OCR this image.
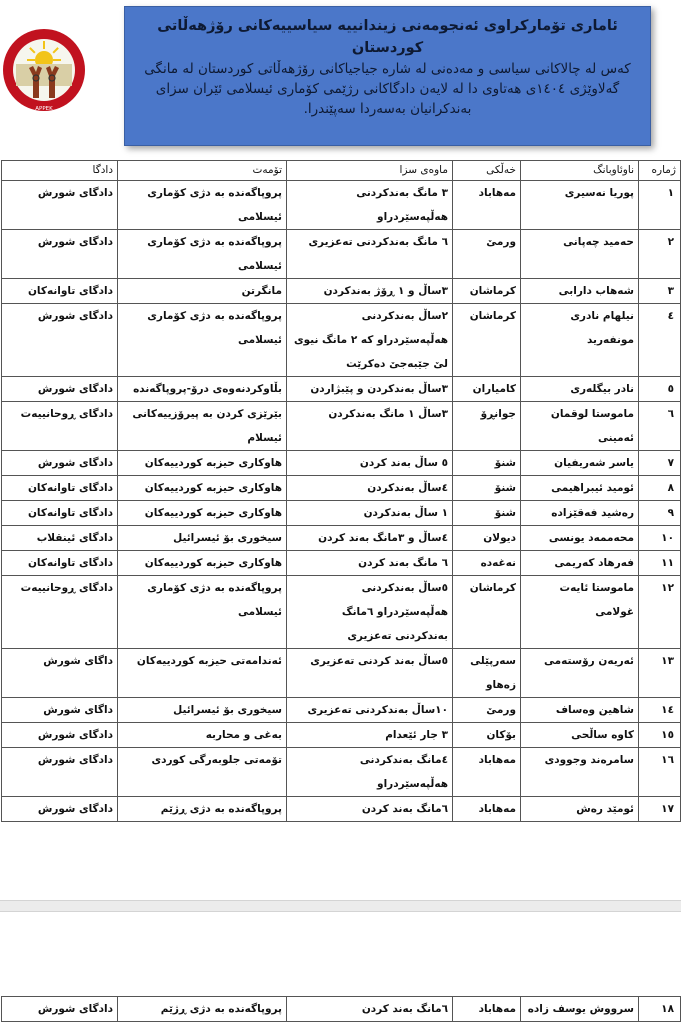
APPEK
ئاماری تۆمارکراوی ئەنجومەنی زیندانییە سیاسییەکانی رۆژهەڵاتی کوردستان
کەس لە چالاکانی سیاسی و مەدەنی لە شارە جیاجیاکانی رۆژهەڵاتی کوردستان لە مانگی گەلاوێژی ١٤٠٤ی هەتاوی دا لە لایەن دادگاکانی رژێمی کۆماری ئیسلامی ئێران سزای بەندکرانیان بەسەردا سەپێندرا.
ژمارە	ناوئاوبانگ	خەڵکی	ماوەی سزا	تۆمەت	دادگا
١	پوریا نەسیری	مەهاباد	٣ مانگ بەندکردنی هەڵپەسێردراو	پروپاگەندە بە دژی کۆماری ئیسلامی	دادگای شورش
٢	حەمید چەپانی	ورمێ	٦ مانگ بەندکردنی تەعزیری	پروپاگەندە بە دژی کۆماری ئیسلامی	دادگای شورش
٣	شەهاب دارابی	کرماشان	٣ساڵ و ١ ڕۆژ بەندکردن	مانگرتن	دادگای تاوانەکان
٤	نیلهام نادری مونفەرید	کرماشان	٢ساڵ بەندکردنی هەڵپەسێردراو کە ٢ مانگ نیوی لێ جێبەجێ دەکرێت	پروپاگەندە بە دژی کۆماری ئیسلامی	دادگای شورش
٥	نادر بیگلەری	کامیاران	٣ساڵ بەندکردن و پێبژاردن	بڵاوکردنەوەی درۆ-پروپاگەندە	دادگای شورش
٦	ماموستا لوقمان ئەمینی	جوانڕۆ	٣ساڵ ١ مانگ بەندکردن	بێرێزی کردن بە پیرۆزییەکانی ئیسلام	دادگای ڕوحانییەت
٧	یاسر شەریفیان	شنۆ	٥ ساڵ بەند کردن	هاوکاری حیزبە کوردییەکان	دادگای شورش
٨	ئومید ئیبراهیمی	شنۆ	٤ساڵ بەندکردن	هاوکاری حیزبە کوردییەکان	دادگای تاوانەکان
٩	رەشید فەقێزادە	شنۆ	١ ساڵ بەندکردن	هاوکاری حیزبە کوردییەکان	دادگای تاوانەکان
١٠	محەممەد یونسی	دیولان	٤ساڵ و ٣مانگ بەند کردن	سیخوری بۆ ئیسرائیل	دادگای ئینقلاب
١١	فەرهاد کەریمی	نەغەدە	٦ مانگ بەند کردن	هاوکاری حیزبە کوردییەکان	دادگای تاوانەکان
١٢	ماموستا ئایەت غولامی	کرماشان	٥ساڵ بەندکردنی هەڵپەسێردراو ٦مانگ بەندکردنی تەعزیری	پروپاگەندە بە دژی کۆماری ئیسلامی	دادگای ڕوحانییەت
١٣	ئەریەن رۆستەمی	سەرپێلی زەهاو	٥ساڵ بەند کردنی تەعزیری	ئەندامەتی حیزبە کوردییەکان	داگای شورش
١٤	شاهین وەساف	ورمێ	١٠ساڵ بەندکردنی تەعزیری	سیخوری بۆ ئیسرائیل	داگای شورش
١٥	کاوە ساڵحی	بۆکان	٣ جار ئێعدام	بەغی و محاربە	دادگای شورش
١٦	سامرەند وجوودی	مەهاباد	٤مانگ بەندکردنی هەڵپەسێردراو	تۆمەتی جلوبەرگی کوردی	دادگای شورش
١٧	ئومێد رەش	مەهاباد	٦مانگ بەند کردن	پروپاگەندە بە دژی ڕژێم	دادگای شورش
١٨	سرووش یوسف زادە	مەهاباد	٦مانگ بەند کردن	پروپاگەندە بە دژی ڕژێم	دادگای شورش
